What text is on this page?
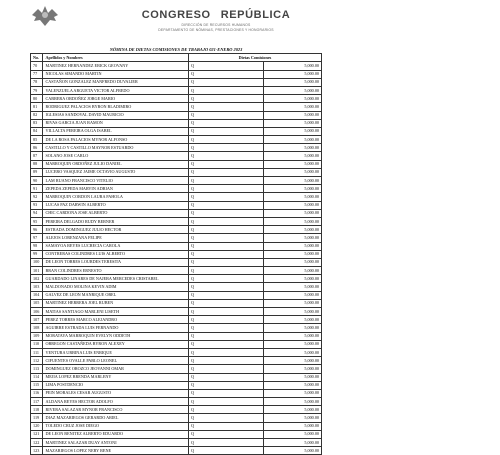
CONGRESO REPÚBLICA
DIRECCIÓN DE RECURSOS HUMANOS
DEPARTAMENTO DE NÓMINAS, PRESTACIONES Y HONORARIOS
NÓMINA DE DIETAS COMISIONES DE TRABAJO 021-ENERO 2023			
No.	Apellidos y Nombres	Dietas Comisiones	
70	MARTINEZ HERNANDEZ ERICK GEOVANY	Q	5,000.00
77	NICOLAS SIMANDO MARTIN	Q	5,000.00
78	CASTAÑON GONZALEZ MANFREDO DUVALIER	Q	5,000.00
79	VALENZUELA ARGUETA VICTOR ALFREDO	Q	5,000.00
80	CABRERA ORDOÑEZ JORGE MARIO	Q	5,000.00
81	RODRIGUEZ PALACIOS BYRON BLADIMIRO	Q	5,000.00
82	IGLESIAS SANDOVAL DAVID MAURICIO	Q	5,000.00
83	RIVAS GARCIA JUAN RAMON	Q	5,000.00
84	VILLALTA PEREIRA OLGA ISABEL	Q	5,000.00
85	DE LA ROSA PALACIOS MYNOR ALFONSO	Q	5,000.00
86	CASTILLO Y CASTILLO MAYNOR ESTUARDO	Q	5,000.00
87	SOLANO JOSE CARLO	Q	5,000.00
88	MARROQUIN ORDOÑEZ JULIO DANIEL	Q	5,000.00
89	LUCERO VASQUEZ JAIME OCTAVIO AUGUSTO	Q	5,000.00
90	LAM RUANO FRANCISCO VITELIO	Q	5,000.00
91	ZEPEDA ZEPEDA MARVIN ADRIAN	Q	5,000.00
92	MARROQUIN CORDON LAURA PAHOLA	Q	5,000.00
93	LUCAS PAZ DARWIN ALBERTO	Q	5,000.00
94	CHIC CARDONA JOSE ALBERTO	Q	5,000.00
95	PEREIRA DELGADO RUDY BERNER	Q	5,000.00
96	ESTRADA DOMINGUEZ JULIO HECTOR	Q	5,000.00
97	ALEJOS LORENZANA FELIPE	Q	5,000.00
98	SAMAYOA REYES LUCRECIA CAROLA	Q	5,000.00
99	CONTRERAS COLINDRES LUIS ALBERTO	Q	5,000.00
100	DE LEON TORRES LOURDES TERESITA	Q	5,000.00
101	BRAN COLINDRES ERNESTO	Q	5,000.00
102	GUARDADO LINARES DE NAJERA MERCEDES CRISTABEL	Q	5,000.00
103	MALDONADO MOLINA KEVIN ADIM	Q	5,000.00
104	GALVEZ DE LEON MANRIQUE OBEL	Q	5,000.00
105	MARTINEZ HERRERA JOEL RUBEN	Q	5,000.00
106	MATIAS SANTIAGO MARLENI LISETH	Q	5,000.00
107	PEREZ TORRES MARCO ALEJANDRO	Q	5,000.00
108	AGUIRRE ESTRADA LUIS FERNANDO	Q	5,000.00
109	MORATAYA MARROQUIN EVELYN ODDETH	Q	5,000.00
110	OBREGON CASTAÑEDA BYRON ALEXEY	Q	5,000.00
111	VENTURA URBINA LUIS ENRIQUE	Q	5,000.00
112	CIFUENTES OVALLE PABLO LEONEL	Q	5,000.00
113	DOMINGUEZ OROZCO JEOVANNI OMAR	Q	5,000.00
114	MEJIA LOPEZ BRENDA MARLENY	Q	5,000.00
115	LIMA POSTDENCIO	Q	5,000.00
116	PEIN MORALES CESAR AUGUSTO	Q	5,000.00
117	ALDANA REYES HECTOR ADOLFO	Q	5,000.00
118	RIVERA SALAZAR MYNOR FRANCISCO	Q	5,000.00
119	DIAZ MAZARIEGOS GERARDO ARIEL	Q	5,000.00
120	TOLEDO CRUZ JOSE DIEGO	Q	5,000.00
121	DE LEON BENITEZ ALBERTO EDUARDO	Q	5,000.00
122	MARTINEZ SALAZAR DUAY ANTONI	Q	5,000.00
123	MAZARIEGOS LOPEZ NERY RENE	Q	5,000.00
